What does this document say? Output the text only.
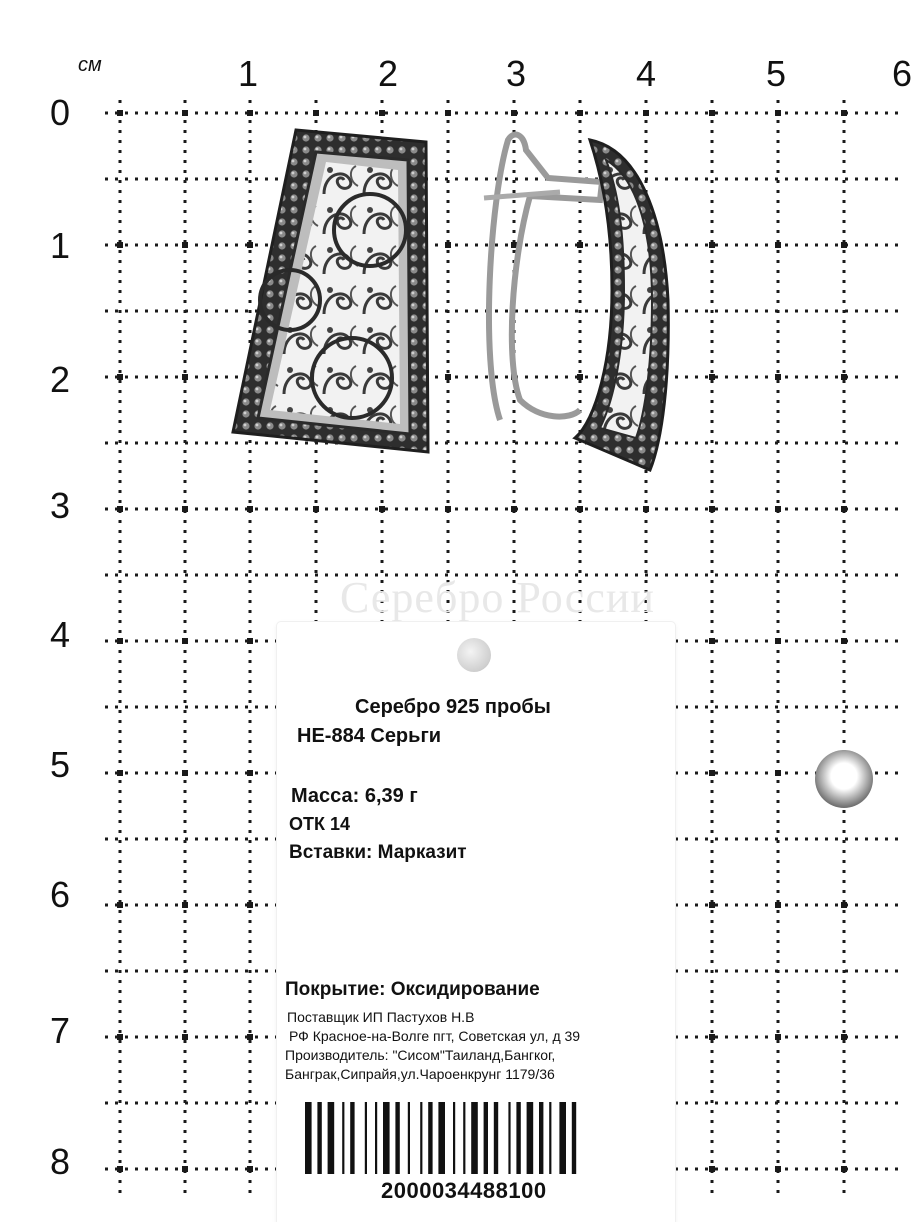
см	1	2	3	4	5	6
0
1
2
3
4
5
6
7
8
Серебро России
Серебро 925 пробы
НЕ-884 Серьги
Масса: 6,39 г
ОТК 14
Вставки: Марказит
Покрытие: Оксидирование
Поставщик ИП Пастухов Н.В
РФ Красное-на-Волге пгт, Советская ул, д 39
Производитель: "Сисом"Таиланд,Бангког,
Банграк,Сипрайя,ул.Чароенкрунг 1179/36
2000034488100
